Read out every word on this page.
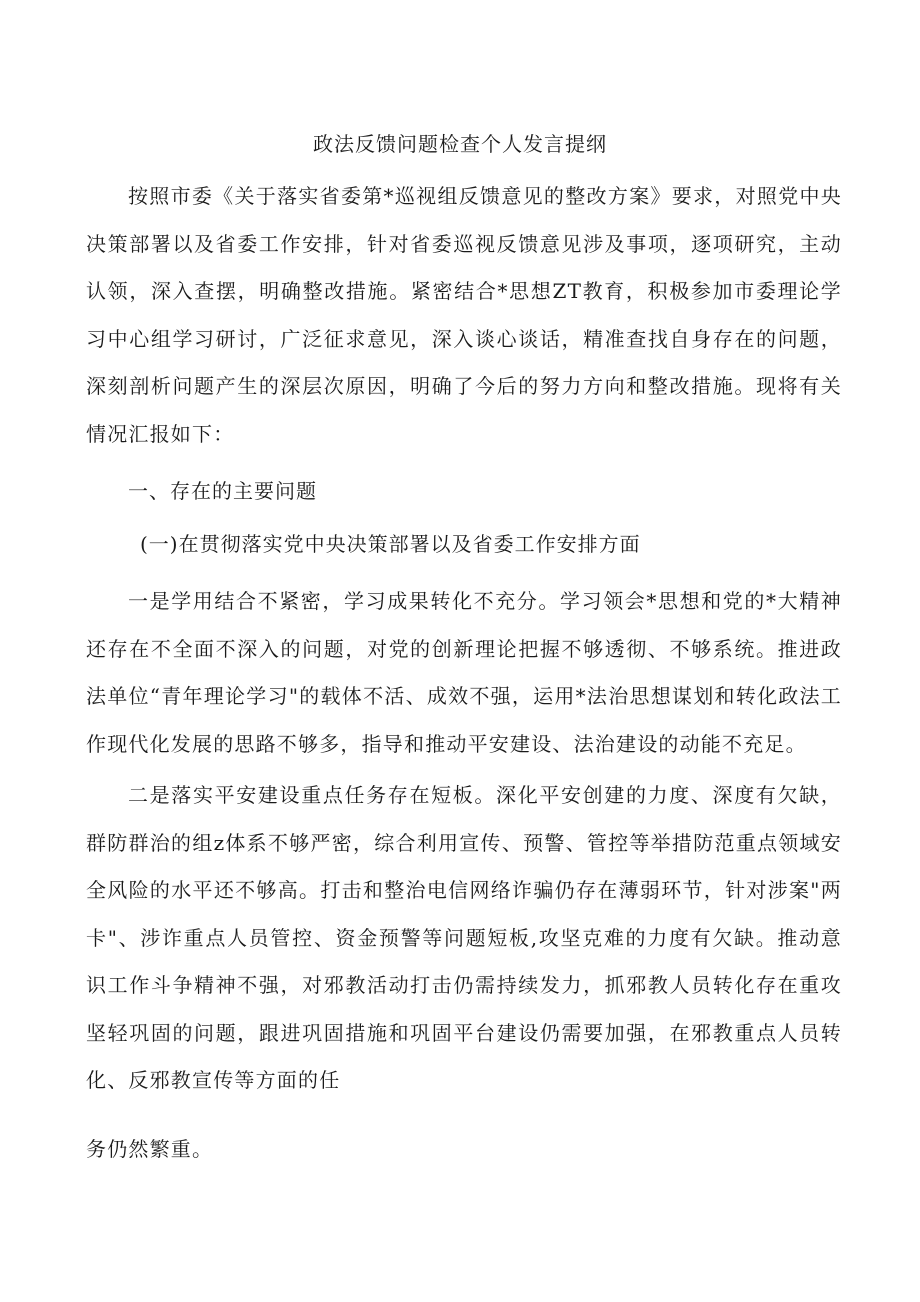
政法反馈问题检查个人发言提纲
按照市委《关于落实省委第*巡视组反馈意见的整改方案》要求，对照党中央决策部署以及省委工作安排，针对省委巡视反馈意见涉及事项，逐项研究，主动认领，深入查摆，明确整改措施。紧密结合*思想ZT教育，积极参加市委理论学习中心组学习研讨，广泛征求意见，深入谈心谈话，精准查找自身存在的问题，深刻剖析问题产生的深层次原因，明确了今后的努力方向和整改措施。现将有关情况汇报如下：
一、存在的主要问题
(一)在贯彻落实党中央决策部署以及省委工作安排方面
一是学用结合不紧密，学习成果转化不充分。学习领会*思想和党的*大精神还存在不全面不深入的问题，对党的创新理论把握不够透彻、不够系统。推进政法单位“青年理论学习"的载体不活、成效不强，运用*法治思想谋划和转化政法工作现代化发展的思路不够多，指导和推动平安建设、法治建设的动能不充足。
二是落实平安建设重点任务存在短板。深化平安创建的力度、深度有欠缺，群防群治的组z体系不够严密，综合利用宣传、预警、管控等举措防范重点领域安全风险的水平还不够高。打击和整治电信网络诈骗仍存在薄弱环节，针对涉案"两卡"、涉诈重点人员管控、资金预警等问题短板,攻坚克难的力度有欠缺。推动意识工作斗争精神不强，对邪教活动打击仍需持续发力，抓邪教人员转化存在重攻坚轻巩固的问题，跟进巩固措施和巩固平台建设仍需要加强，在邪教重点人员转化、反邪教宣传等方面的任
务仍然繁重。
